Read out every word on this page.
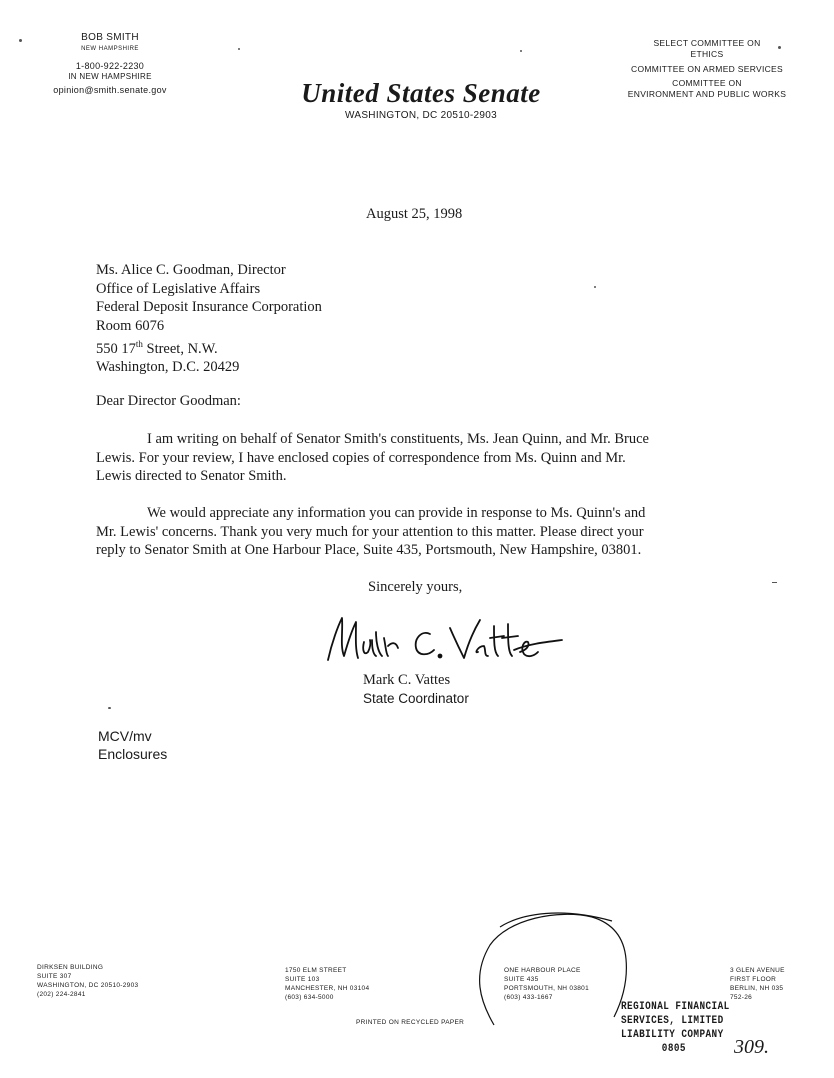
BOB SMITH
NEW HAMPSHIRE
1-800-922-2230
IN NEW HAMPSHIRE
opinion@smith.senate.gov	United States Senate
WASHINGTON, DC 20510-2903
SELECT COMMITTEE ON
ETHICS
COMMITTEE ON ARMED SERVICES
COMMITTEE ON
ENVIRONMENT AND PUBLIC WORKS
August 25, 1998
Ms. Alice C. Goodman, Director
Office of Legislative Affairs
Federal Deposit Insurance Corporation
Room 6076
550 17th Street, N.W.
Washington, D.C. 20429
Dear Director Goodman:
I am writing on behalf of Senator Smith's constituents, Ms. Jean Quinn, and Mr. Bruce
Lewis. For your review, I have enclosed copies of correspondence from Ms. Quinn and Mr.
Lewis directed to Senator Smith.
We would appreciate any information you can provide in response to Ms. Quinn's and
Mr. Lewis' concerns. Thank you very much for your attention to this matter. Please direct your
reply to Senator Smith at One Harbour Place, Suite 435, Portsmouth, New Hampshire, 03801.
Sincerely yours,
Mark C. Vattes
State Coordinator
MCV/mv
Enclosures
DIRKSEN BUILDING
SUITE 307
WASHINGTON, DC 20510-2903
(202) 224-2841
1750 ELM STREET
SUITE 103
MANCHESTER, NH 03104
(603) 634-5000
ONE HARBOUR PLACE
SUITE 435
PORTSMOUTH, NH 03801
(603) 433-1667
3 GLEN AVENUE
FIRST FLOOR
BERLIN, NH 035
752-26
PRINTED ON RECYCLED PAPER
REGIONAL FINANCIAL
SERVICES, LIMITED
LIABILITY COMPANY
0805	309.
